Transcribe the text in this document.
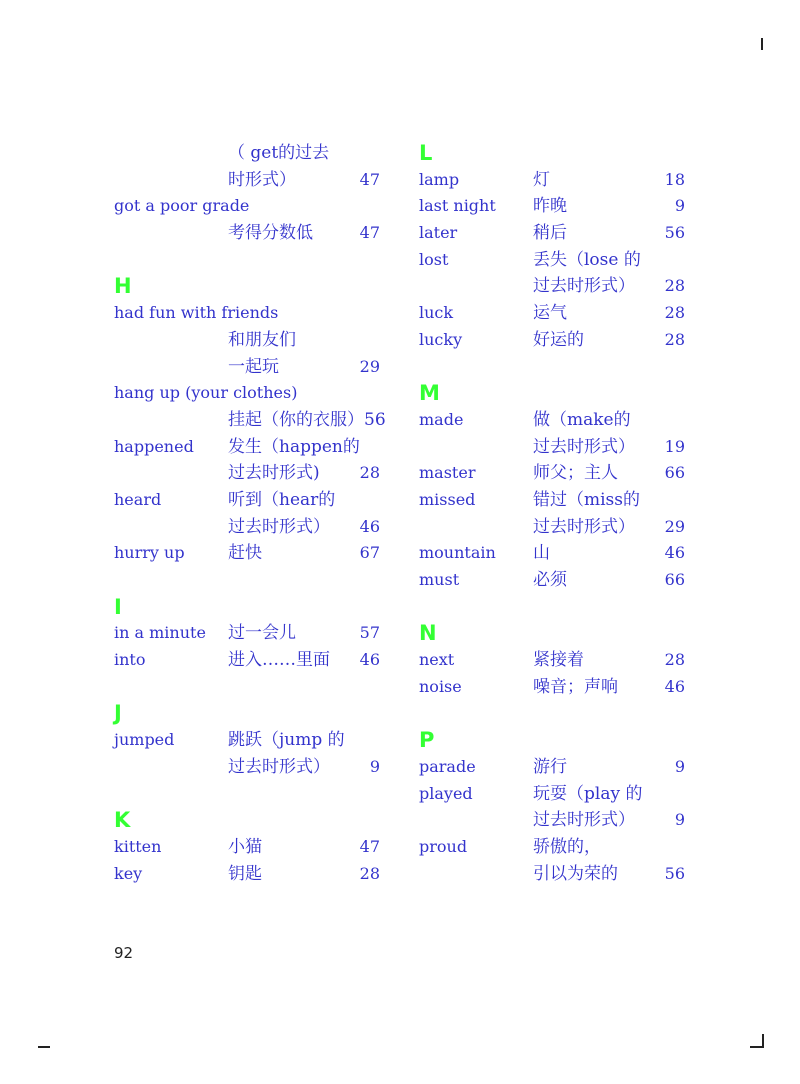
（ get的过去
时形式）	47
got a poor grade
考得分数低	47
H
had fun with friends
和朋友们
一起玩	29
hang up (your clothes)
挂起（你的衣服）56
happened 发生（happen的
过去时形式)	28
heard	听到（hear的
过去时形式） 46
hurry up	赶快	67
I
in a minute 过一会儿	57
into	进入……里面 46
J
jumped	跳跃（jump 的
过去时形式） 9
K
kitten	小猫	47
key	钥匙	28
L
lamp	灯	18
last night 昨晚	9
later	稍后	56
lost	丢失（lose 的
过去时形式） 28
luck	运气	28
lucky	好运的	28
M
made	做（make的
过去时形式） 19
master	师父；主人	66
missed	错过（miss的
过去时形式） 29
mountain 山	46
must	必须	66
N
next	紧接着	28
noise	噪音；声响	46
P
parade	游行	9
played	玩耍（play 的
过去时形式） 9
proud	骄傲的，
引以为荣的	56
92
